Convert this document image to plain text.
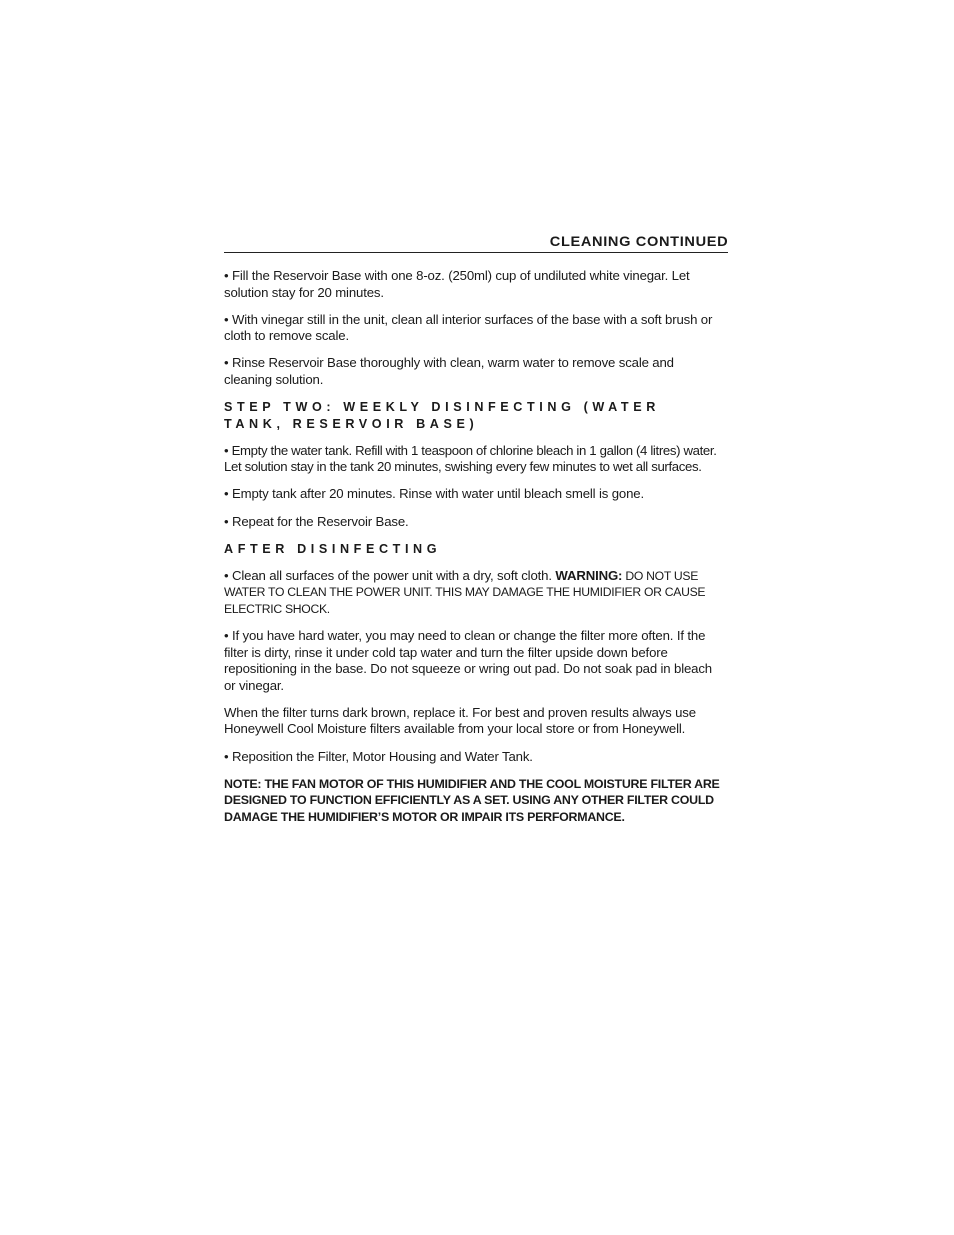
CLEANING CONTINUED

• Fill the Reservoir Base with one 8-oz. (250ml) cup of undiluted white vinegar. Let solution stay for 20 minutes.

• With vinegar still in the unit, clean all interior surfaces of the base with a soft brush or cloth to remove scale.

• Rinse Reservoir Base thoroughly with clean, warm water to remove scale and cleaning solution.

STEP TWO: WEEKLY DISINFECTING (WATER TANK, RESERVOIR BASE)

• Empty the water tank. Refill with 1 teaspoon of chlorine bleach in 1 gallon (4 litres) water. Let solution stay in the tank 20 minutes, swishing every few minutes to wet all surfaces.

• Empty tank after 20 minutes. Rinse with water until bleach smell is gone.

• Repeat for the Reservoir Base.

AFTER DISINFECTING

• Clean all surfaces of the power unit with a dry, soft cloth. WARNING: DO NOT USE WATER TO CLEAN THE POWER UNIT. THIS MAY DAMAGE THE HUMIDIFIER OR CAUSE ELECTRIC SHOCK.

• If you have hard water, you may need to clean or change the filter more often. If the filter is dirty, rinse it under cold tap water and turn the filter upside down before repositioning in the base. Do not squeeze or wring out pad. Do not soak pad in bleach or vinegar.

When the filter turns dark brown, replace it. For best and proven results always use Honeywell Cool Moisture filters available from your local store or from Honeywell.

• Reposition the Filter, Motor Housing and Water Tank.

NOTE: THE FAN MOTOR OF THIS HUMIDIFIER AND THE COOL MOISTURE FILTER ARE DESIGNED TO FUNCTION EFFICIENTLY AS A SET. USING ANY OTHER FILTER COULD DAMAGE THE HUMIDIFIER’S MOTOR OR IMPAIR ITS PERFORMANCE.
